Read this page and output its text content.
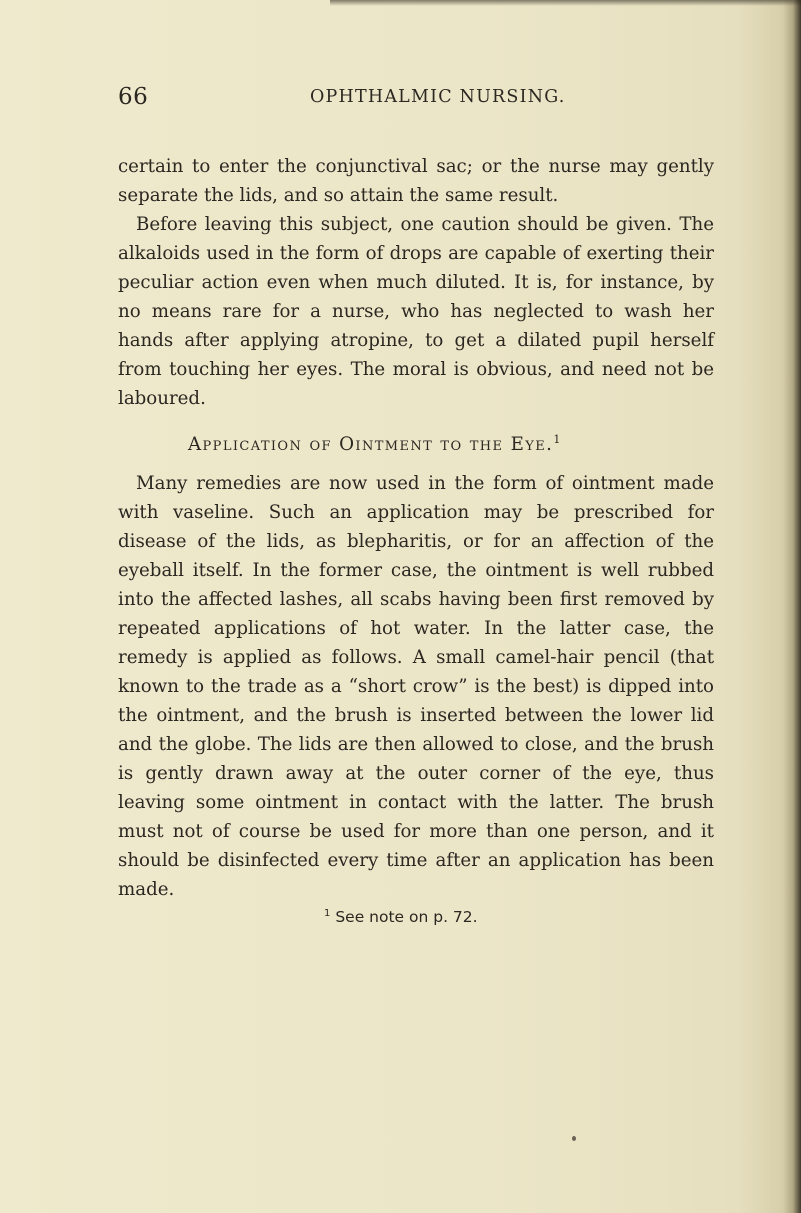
66	OPHTHALMIC NURSING.

certain to enter the conjunctival sac; or the nurse may gently separate the lids, and so attain the same result.

Before leaving this subject, one caution should be given. The alkaloids used in the form of drops are capable of exerting their peculiar action even when much diluted. It is, for instance, by no means rare for a nurse, who has neglected to wash her hands after applying atropine, to get a dilated pupil herself from touching her eyes. The moral is obvious, and need not be laboured.

Application of Ointment to the Eye.$^1$

Many remedies are now used in the form of ointment made with vaseline. Such an application may be prescribed for disease of the lids, as blepharitis, or for an affection of the eyeball itself. In the former case, the ointment is well rubbed into the affected lashes, all scabs having been first removed by repeated applications of hot water. In the latter case, the remedy is applied as follows. A small camel-hair pencil (that known to the trade as a “short crow” is the best) is dipped into the ointment, and the brush is inserted between the lower lid and the globe. The lids are then allowed to close, and the brush is gently drawn away at the outer corner of the eye, thus leaving some ointment in contact with the latter. The brush must not of course be used for more than one person, and it should be disinfected every time after an application has been made.

$^1$ See note on p. 72.
